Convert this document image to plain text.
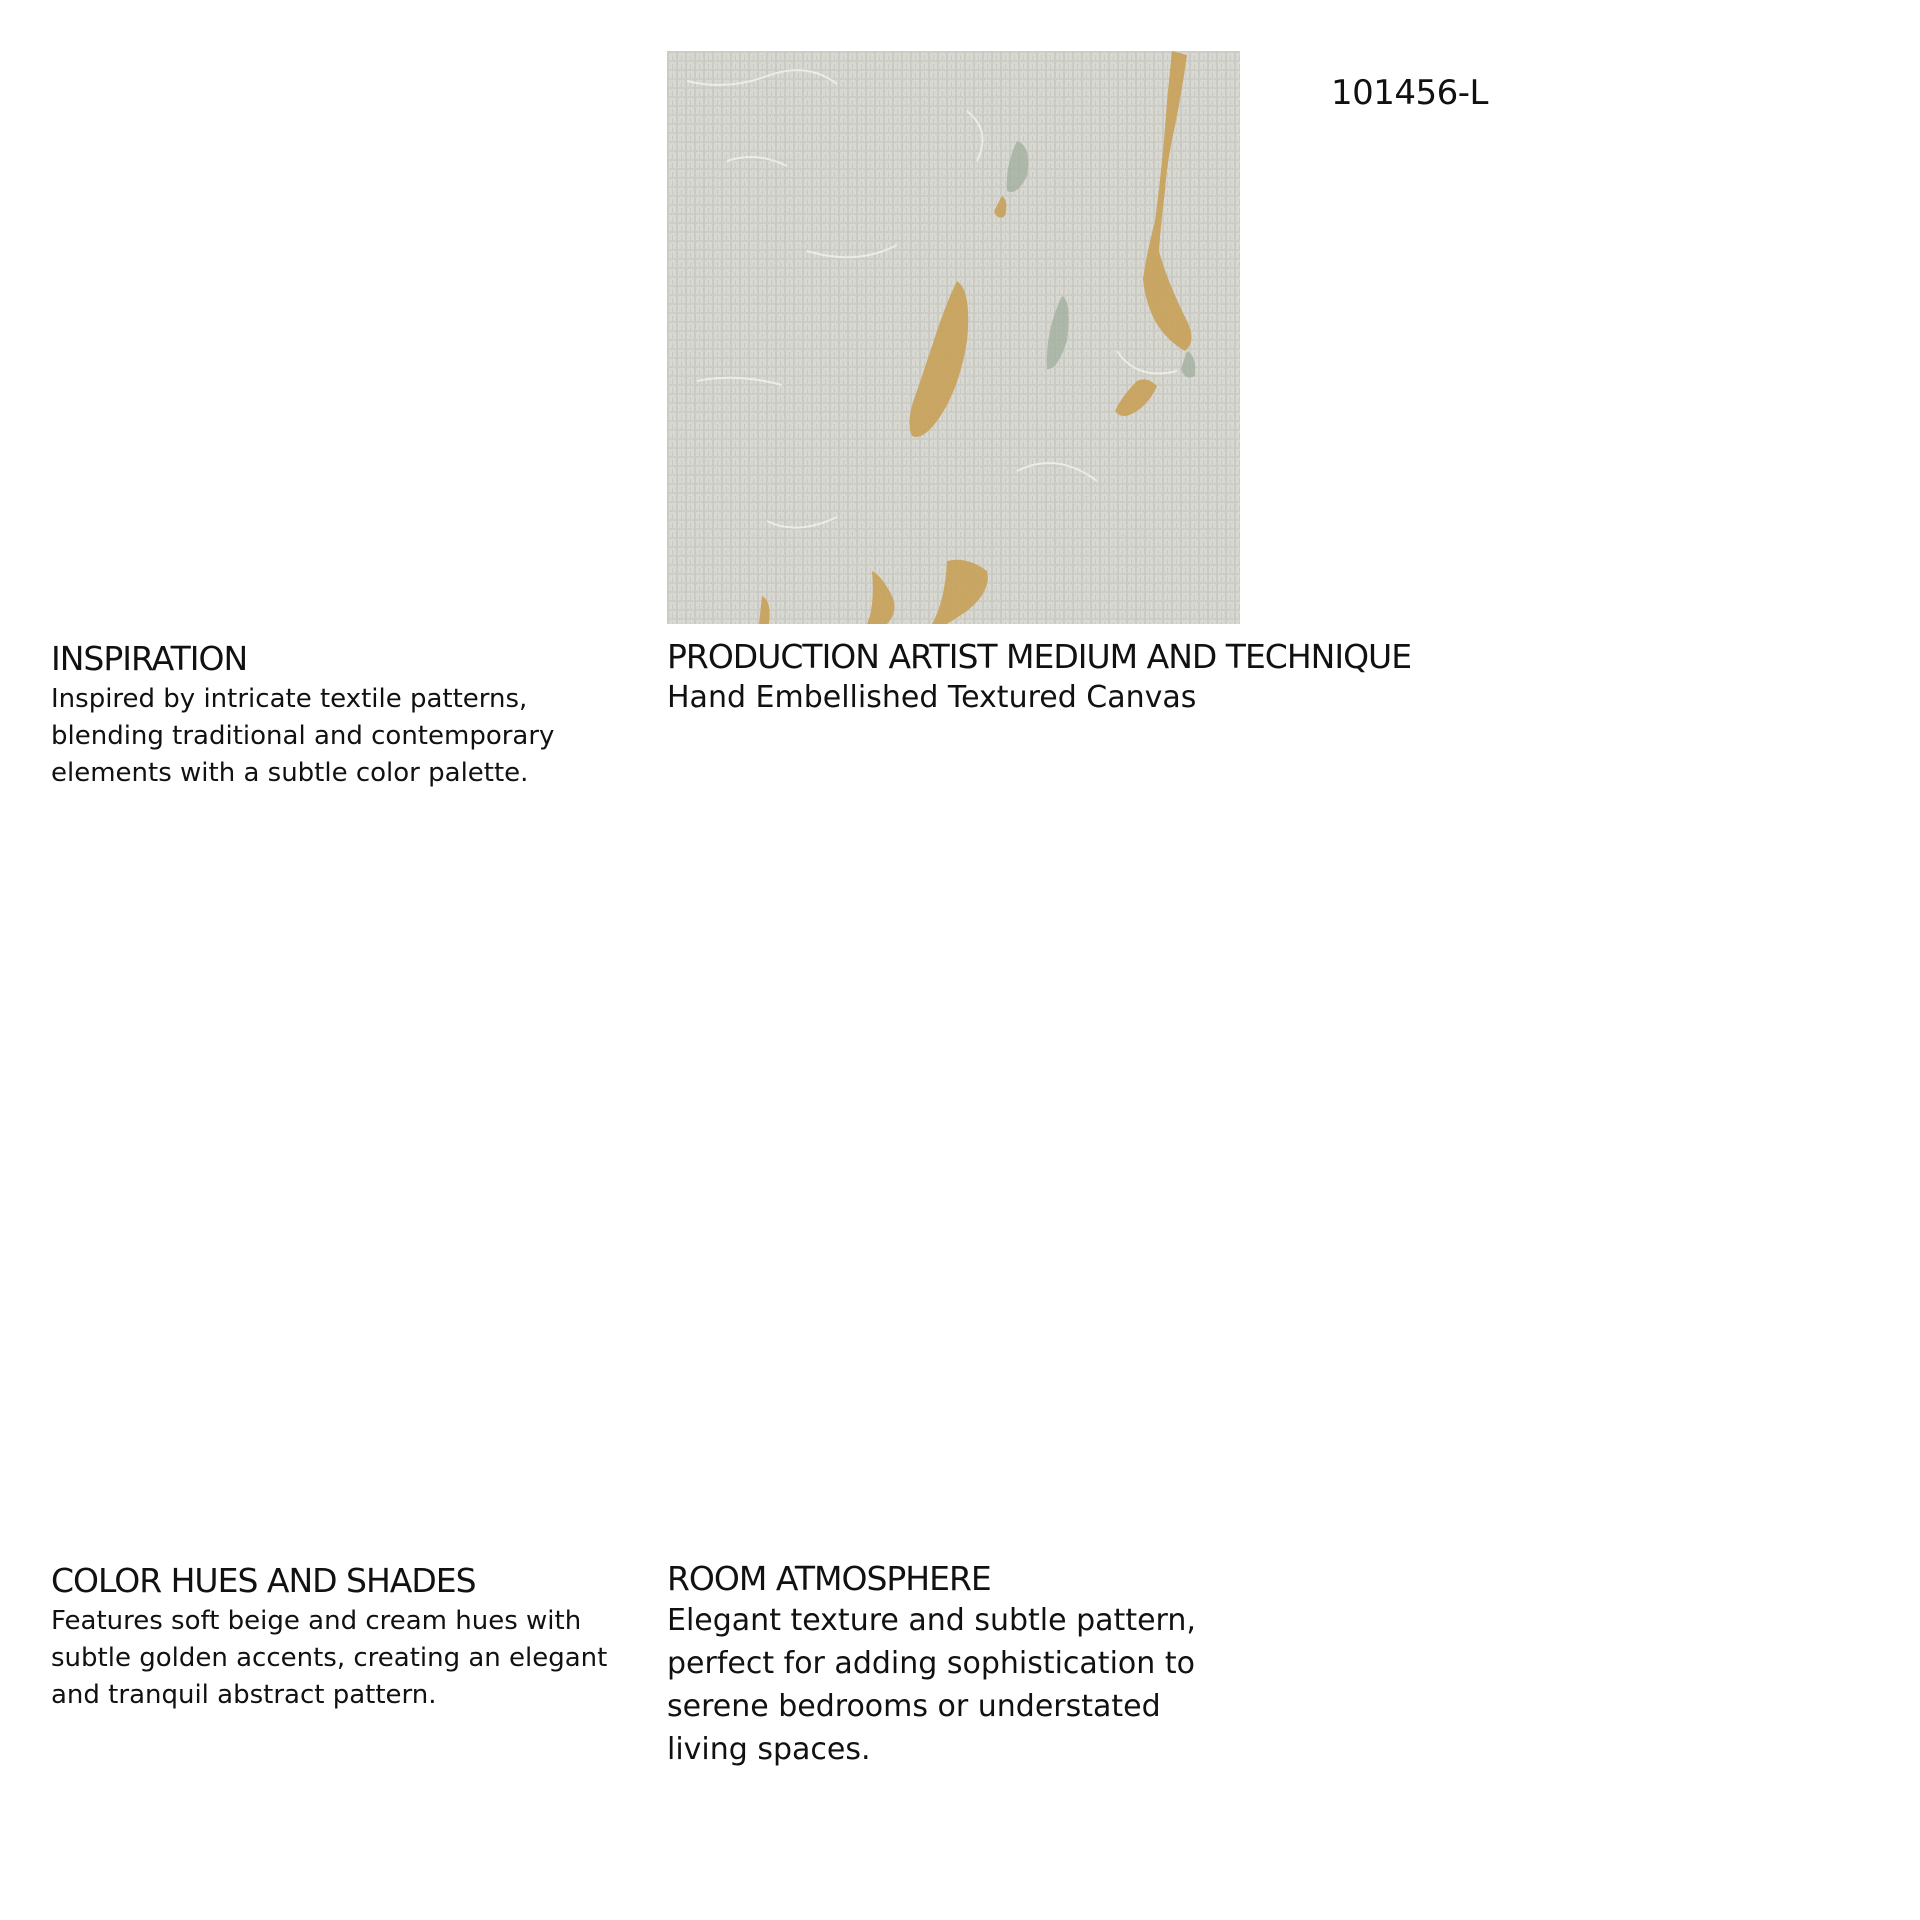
101456-L
INSPIRATION

Inspired by intricate textile patterns, blending traditional and contemporary elements with a subtle color palette.

PRODUCTION ARTIST MEDIUM AND TECHNIQUE

Hand Embellished Textured Canvas

COLOR HUES AND SHADES

Features soft beige and cream hues with subtle golden accents, creating an elegant and tranquil abstract pattern.

ROOM ATMOSPHERE

Elegant texture and subtle pattern, perfect for adding sophistication to serene bedrooms or understated living spaces.
